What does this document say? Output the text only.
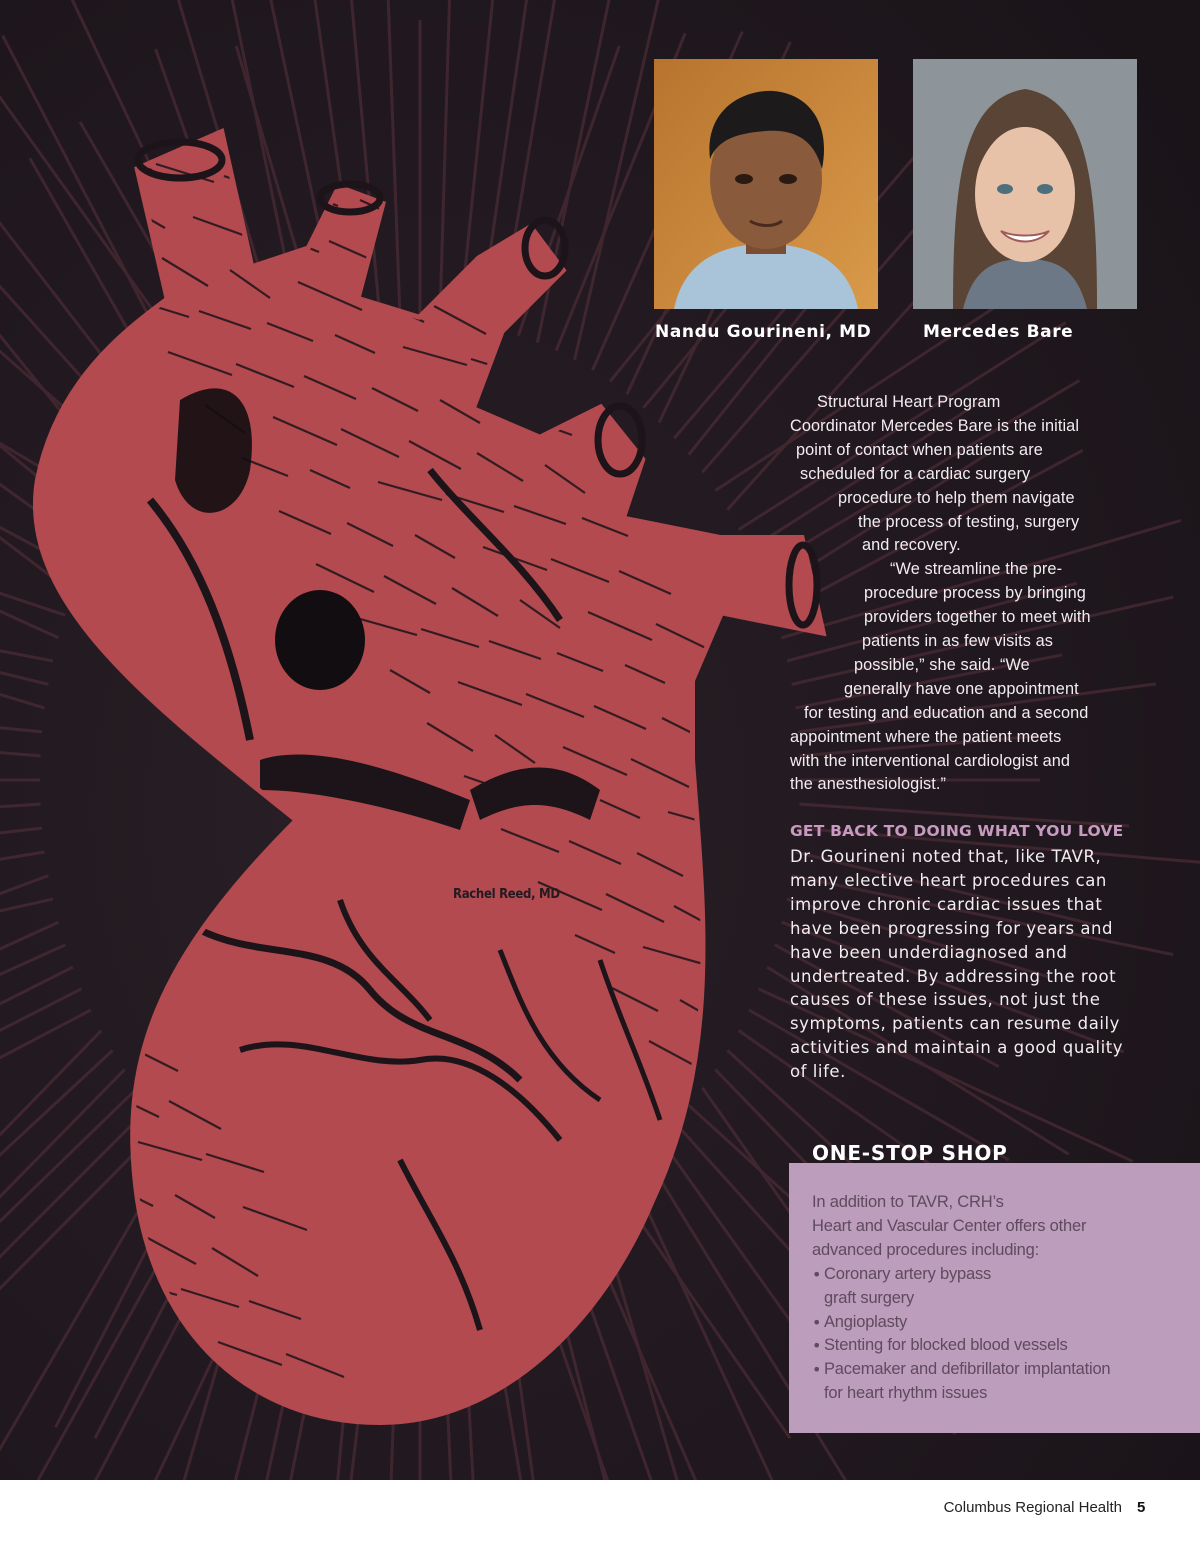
Nandu Gourineni, MD	Mercedes Bare
Rachel Reed, MD
Structural Heart Program
Coordinator Mercedes Bare is the initial
point of contact when patients are
scheduled for a cardiac surgery
procedure to help them navigate
the process of testing, surgery
and recovery.
“We streamline the pre-
procedure process by bringing
providers together to meet with
patients in as few visits as
possible,” she said. “We
generally have one appointment
for testing and education and a second
appointment where the patient meets
with the interventional cardiologist and
the anesthesiologist.”
GET BACK TO DOING WHAT YOU LOVE
Dr. Gourineni noted that, like TAVR,
many elective heart procedures can
improve chronic cardiac issues that
have been progressing for years and
have been underdiagnosed and
undertreated. By addressing the root
causes of these issues, not just the
symptoms, patients can resume daily
activities and maintain a good quality
of life.
ONE-STOP SHOP
In addition to TAVR, CRH’s
Heart and Vascular Center offers other
advanced procedures including:
• Coronary artery bypass
graft surgery
• Angioplasty
• Stenting for blocked blood vessels
• Pacemaker and defibrillator implantation
for heart rhythm issues
Columbus Regional Health 5
